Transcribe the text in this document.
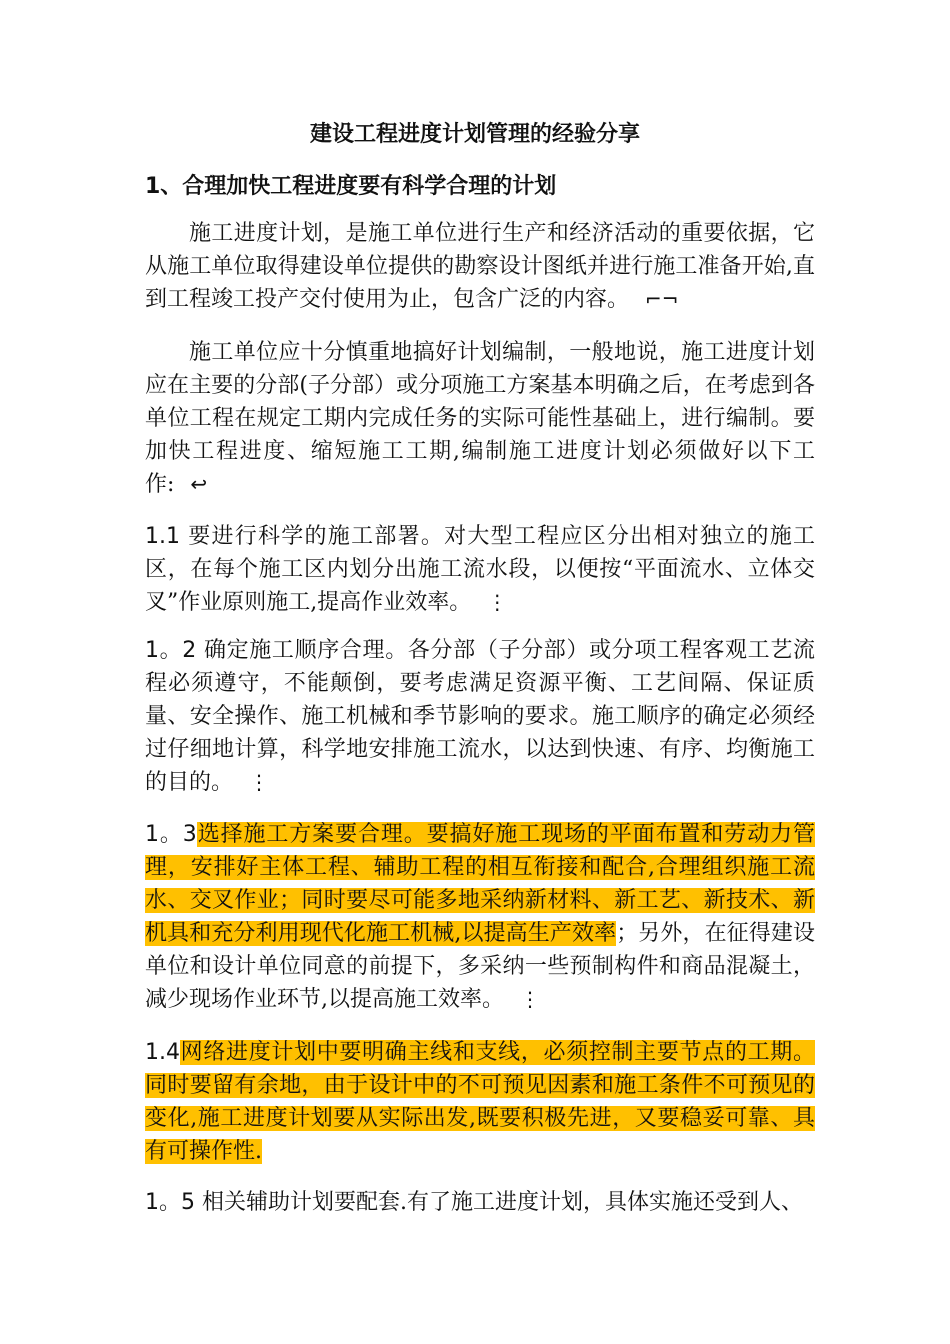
建设工程进度计划管理的经验分享
1、合理加快工程进度要有科学合理的计划

施工进度计划，是施工单位进行生产和经济活动的重要依据，它从施工单位取得建设单位提供的勘察设计图纸并进行施工准备开始,直到工程竣工投产交付使用为止，包含广泛的内容。 ⌐¬

施工单位应十分慎重地搞好计划编制，一般地说，施工进度计划应在主要的分部(子分部）或分项施工方案基本明确之后，在考虑到各单位工程在规定工期内完成任务的实际可能性基础上，进行编制。要加快工程进度、缩短施工工期,编制施工进度计划必须做好以下工　作: ↩

1.1 要进行科学的施工部署。对大型工程应区分出相对独立的施工区，在每个施工区内划分出施工流水段，以便按“平面流水、立体交叉”作业原则施工,提高作业效率。 ⋮

1。2 确定施工顺序合理。各分部（子分部）或分项工程客观工艺流程必须遵守，不能颠倒，要考虑满足资源平衡、工艺间隔、保证质量、安全操作、施工机械和季节影响的要求。施工顺序的确定必须经过仔细地计算，科学地安排施工流水，以达到快速、有序、均衡施工的目的。 ⋮

1。3选择施工方案要合理。要搞好施工现场的平面布置和劳动力管理，安排好主体工程、辅助工程的相互衔接和配合,合理组织施工流水、交叉作业；同时要尽可能多地采纳新材料、新工艺、新技术、新机具和充分利用现代化施工机械,以提高生产效率；另外，在征得建设单位和设计单位同意的前提下，多采纳一些预制构件和商品混凝土，减少现场作业环节,以提高施工效率。 ⋮

1.4网络进度计划中要明确主线和支线，必须控制主要节点的工期。同时要留有余地，由于设计中的不可预见因素和施工条件不可预见的变化,施工进度计划要从实际出发,既要积极先进，又要稳妥可靠、具有可操作性.

1。5 相关辅助计划要配套.有了施工进度计划，具体实施还受到人、
